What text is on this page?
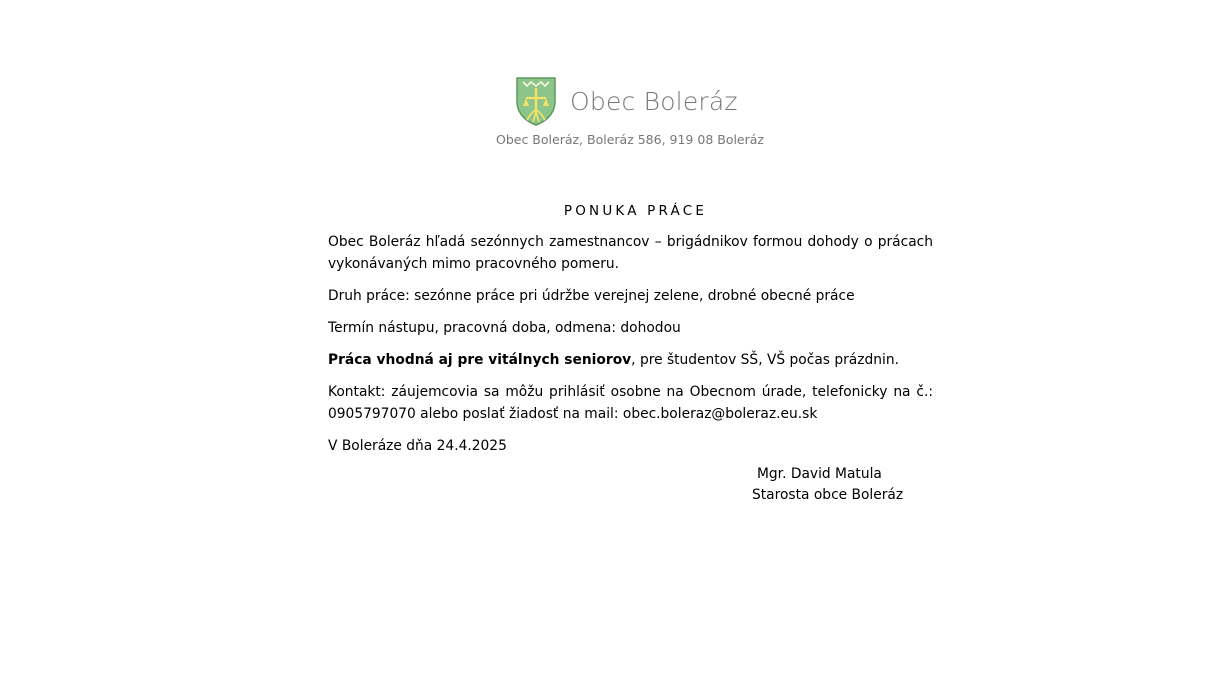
Obec Boleráz
Obec Boleráz, Boleráz 586, 919 08 Boleráz
PONUKA PRÁCE

Obec Boleráz hľadá sezónnych zamestnancov – brigádnikov formou dohody o prácach vykonávaných mimo pracovného pomeru.

Druh práce: sezónne práce pri údržbe verejnej zelene, drobné obecné práce

Termín nástupu, pracovná doba, odmena: dohodou

Práca vhodná aj pre vitálnych seniorov, pre študentov SŠ, VŠ počas prázdnin.

Kontakt: záujemcovia sa môžu prihlásiť osobne na Obecnom úrade, telefonicky na č.: 0905797070 alebo poslať žiadosť na mail: obec.boleraz@boleraz.eu.sk

V Boleráze dňa 24.4.2025

Mgr. David Matula
Starosta obce Boleráz
